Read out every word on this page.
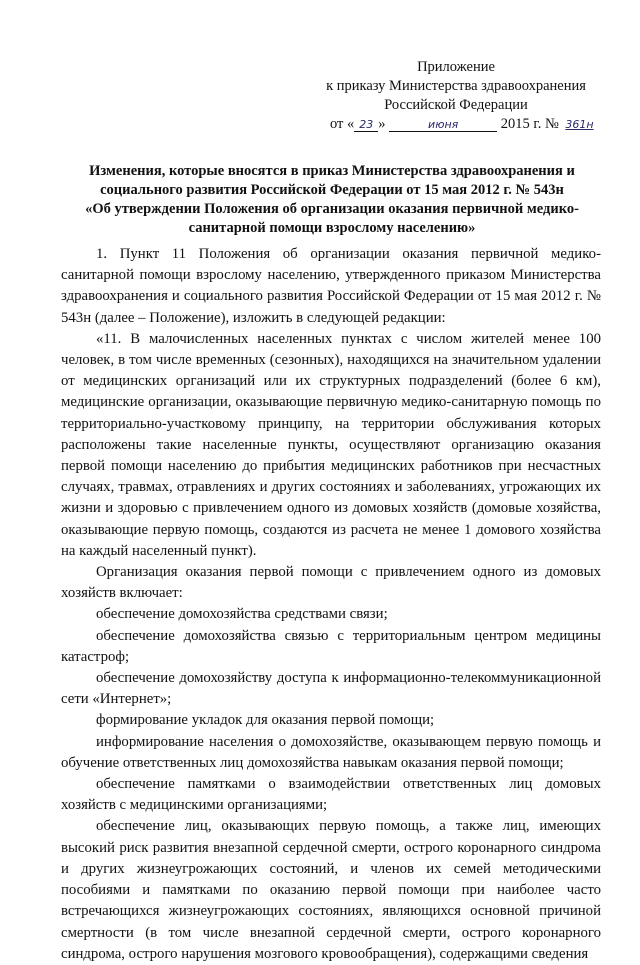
Приложение
к приказу Министерства здравоохранения
Российской Федерации
от « 23 »	июня	2015 г. № 361н
Изменения, которые вносятся в приказ Министерства здравоохранения и
социального развития Российской Федерации от 15 мая 2012 г. № 543н
«Об утверждении Положения об организации оказания первичной медико-
санитарной помощи взрослому населению»

1. Пункт 11 Положения об организации оказания первичной медико-санитарной помощи взрослому населению, утвержденного приказом Министерства здравоохранения и социального развития Российской Федерации от 15 мая 2012 г. № 543н (далее – Положение), изложить в следующей редакции:

«11. В малочисленных населенных пунктах с числом жителей менее 100 человек, в том числе временных (сезонных), находящихся на значительном удалении от медицинских организаций или их структурных подразделений (более 6 км), медицинские организации, оказывающие первичную медико-санитарную помощь по территориально-участковому принципу, на территории обслуживания которых расположены такие населенные пункты, осуществляют организацию оказания первой помощи населению до прибытия медицинских работников при несчастных случаях, травмах, отравлениях и других состояниях и заболеваниях, угрожающих их жизни и здоровью с привлечением одного из домовых хозяйств (домовые хозяйства, оказывающие первую помощь, создаются из расчета не менее 1 домового хозяйства на каждый населенный пункт).

Организация оказания первой помощи с привлечением одного из домовых хозяйств включает:

обеспечение домохозяйства средствами связи;

обеспечение домохозяйства связью с территориальным центром медицины катастроф;

обеспечение домохозяйству доступа к информационно-телекоммуникационной сети «Интернет»;

формирование укладок для оказания первой помощи;

информирование населения о домохозяйстве, оказывающем первую помощь и обучение ответственных лиц домохозяйства навыкам оказания первой помощи;

обеспечение памятками о взаимодействии ответственных лиц домовых хозяйств с медицинскими организациями;

обеспечение лиц, оказывающих первую помощь, а также лиц, имеющих высокий риск развития внезапной сердечной смерти, острого коронарного синдрома и других жизнеугрожающих состояний, и членов их семей методическими пособиями и памятками по оказанию первой помощи при наиболее часто встречающихся жизнеугрожающих состояниях, являющихся основной причиной смертности (в том числе внезапной сердечной смерти, острого коронарного синдрома, острого нарушения мозгового кровообращения), содержащими сведения
